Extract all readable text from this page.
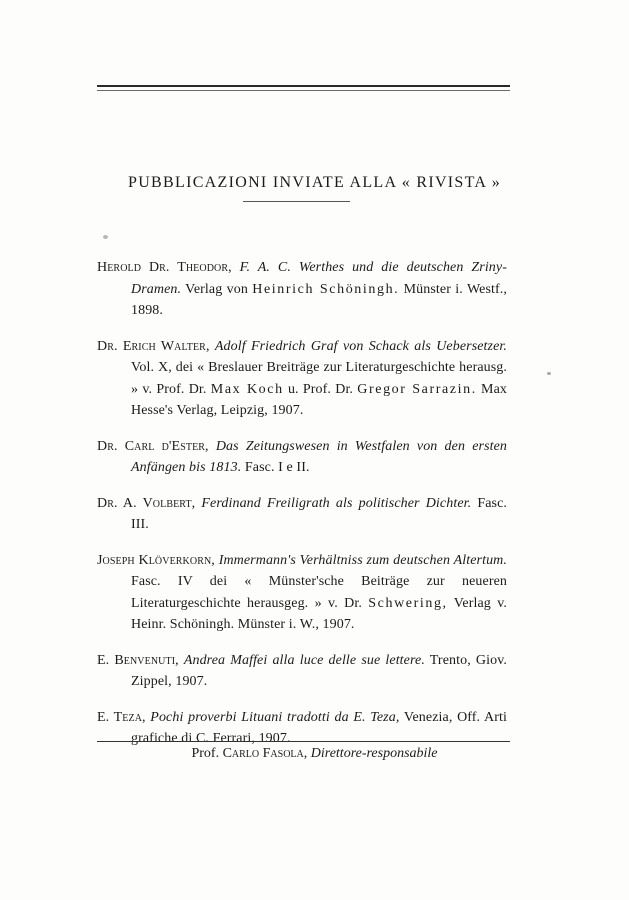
PUBBLICAZIONI INVIATE ALLA « RIVISTA »

Herold Dr. Theodor, F. A. C. Werthes und die deutschen Zriny-Dramen. Verlag von Heinrich Schöningh. Münster i. Westf., 1898.

Dr. Erich Walter, Adolf Friedrich Graf von Schack als Uebersetzer. Vol. X, dei « Breslauer Breiträge zur Literaturgeschichte herausg. » v. Prof. Dr. Max Koch u. Prof. Dr. Gregor Sarrazin. Max Hesse's Verlag, Leipzig, 1907.

Dr. Carl d'Ester, Das Zeitungswesen in Westfalen von den ersten Anfängen bis 1813. Fasc. I e II.

Dr. A. Volbert, Ferdinand Freiligrath als politischer Dichter. Fasc. III.

Joseph Klöverkorn, Immermann's Verhältniss zum deutschen Altertum. Fasc. IV dei « Münster'sche Beiträge zur neueren Literaturgeschichte herausgeg. » v. Dr. Schwering, Verlag v. Heinr. Schöningh. Münster i. W., 1907.

E. Benvenuti, Andrea Maffei alla luce delle sue lettere. Trento, Giov. Zippel, 1907.

E. Teza, Pochi proverbi Lituani tradotti da E. Teza, Venezia, Off. Arti grafiche di C. Ferrari, 1907.

Prof. Carlo Fasola, Direttore-responsabile
